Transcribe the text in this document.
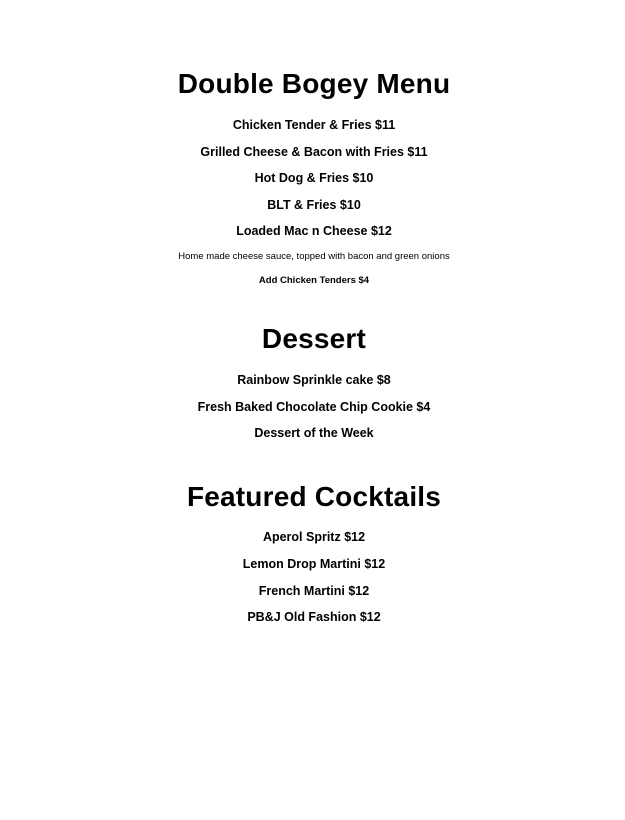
Double Bogey Menu

Chicken Tender & Fries $11

Grilled Cheese & Bacon with Fries $11

Hot Dog & Fries $10

BLT & Fries $10

Loaded Mac n Cheese $12

Home made cheese sauce, topped with bacon and green onions

Add Chicken Tenders $4

Dessert

Rainbow Sprinkle cake $8

Fresh Baked Chocolate Chip Cookie $4

Dessert of the Week

Featured Cocktails

Aperol Spritz $12

Lemon Drop Martini $12

French Martini $12

PB&J Old Fashion $12
